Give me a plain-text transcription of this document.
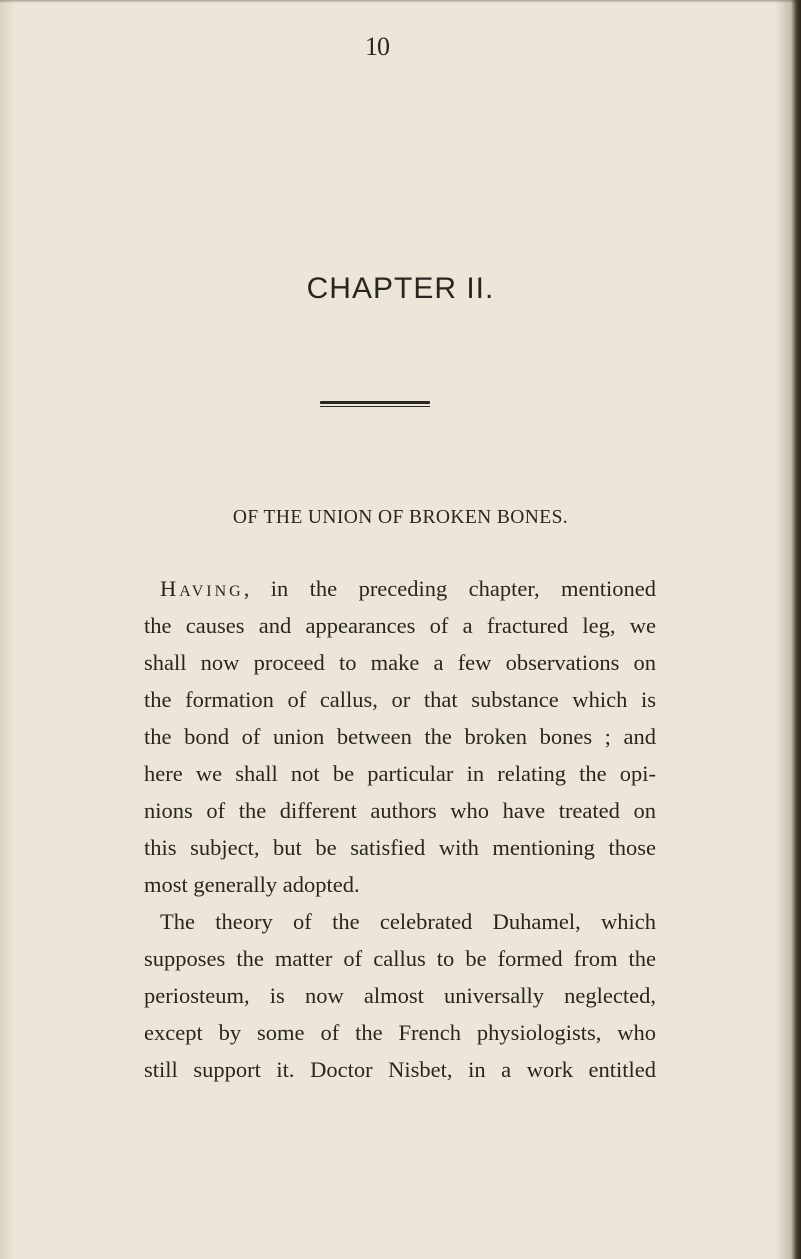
10
CHAPTER II.
OF THE UNION OF BROKEN BONES.
Having, in the preceding chapter, mentioned
the causes and appearances of a fractured leg, we
shall now proceed to make a few observations on
the formation of callus, or that substance which is
the bond of union between the broken bones ; and
here we shall not be particular in relating the opi-
nions of the different authors who have treated on
this subject, but be satisfied with mentioning those
most generally adopted.
The theory of the celebrated Duhamel, which
supposes the matter of callus to be formed from the
periosteum, is now almost universally neglected,
except by some of the French physiologists, who
still support it. Doctor Nisbet, in a work entitled
